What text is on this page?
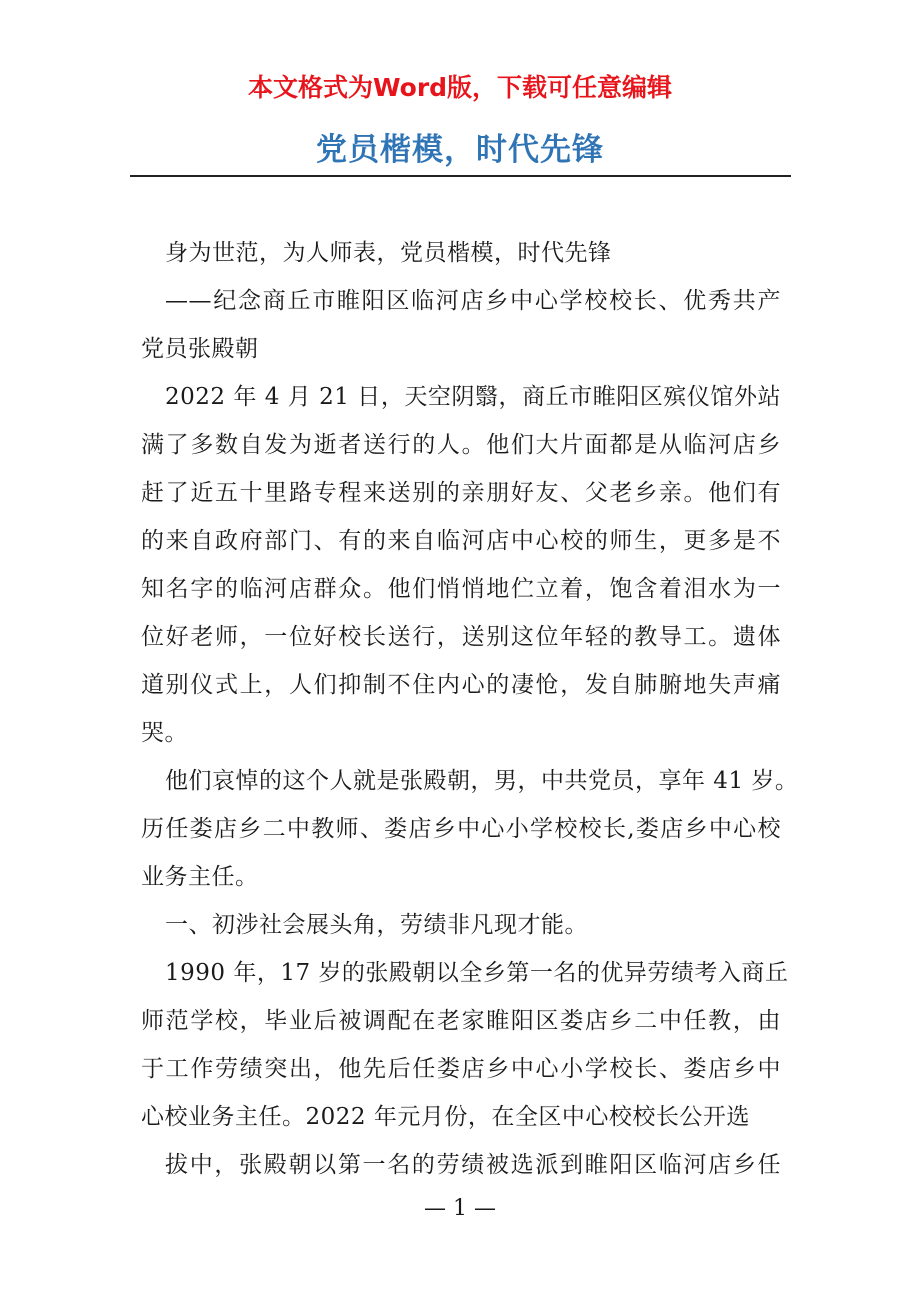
本文格式为Word版，下载可任意编辑
党员楷模，时代先锋
身为世范，为人师表，党员楷模，时代先锋
——纪念商丘市睢阳区临河店乡中心学校校长、优秀共产
党员张殿朝
2022 年 4 月 21 日，天空阴翳，商丘市睢阳区殡仪馆外站
满了多数自发为逝者送行的人。他们大片面都是从临河店乡
赶了近五十里路专程来送别的亲朋好友、父老乡亲。他们有
的来自政府部门、有的来自临河店中心校的师生，更多是不
知名字的临河店群众。他们悄悄地伫立着，饱含着泪水为一
位好老师，一位好校长送行，送别这位年轻的教导工。遗体
道别仪式上，人们抑制不住内心的凄怆，发自肺腑地失声痛
哭。
他们哀悼的这个人就是张殿朝，男，中共党员，享年 41 岁。
历任娄店乡二中教师、娄店乡中心小学校校长,娄店乡中心校
业务主任。
一、初涉社会展头角，劳绩非凡现才能。
1990 年，17 岁的张殿朝以全乡第一名的优异劳绩考入商丘
师范学校，毕业后被调配在老家睢阳区娄店乡二中任教，由
于工作劳绩突出，他先后任娄店乡中心小学校长、娄店乡中
心校业务主任。2022 年元月份，在全区中心校校长公开选
拔中，张殿朝以第一名的劳绩被选派到睢阳区临河店乡任
— 1 —
